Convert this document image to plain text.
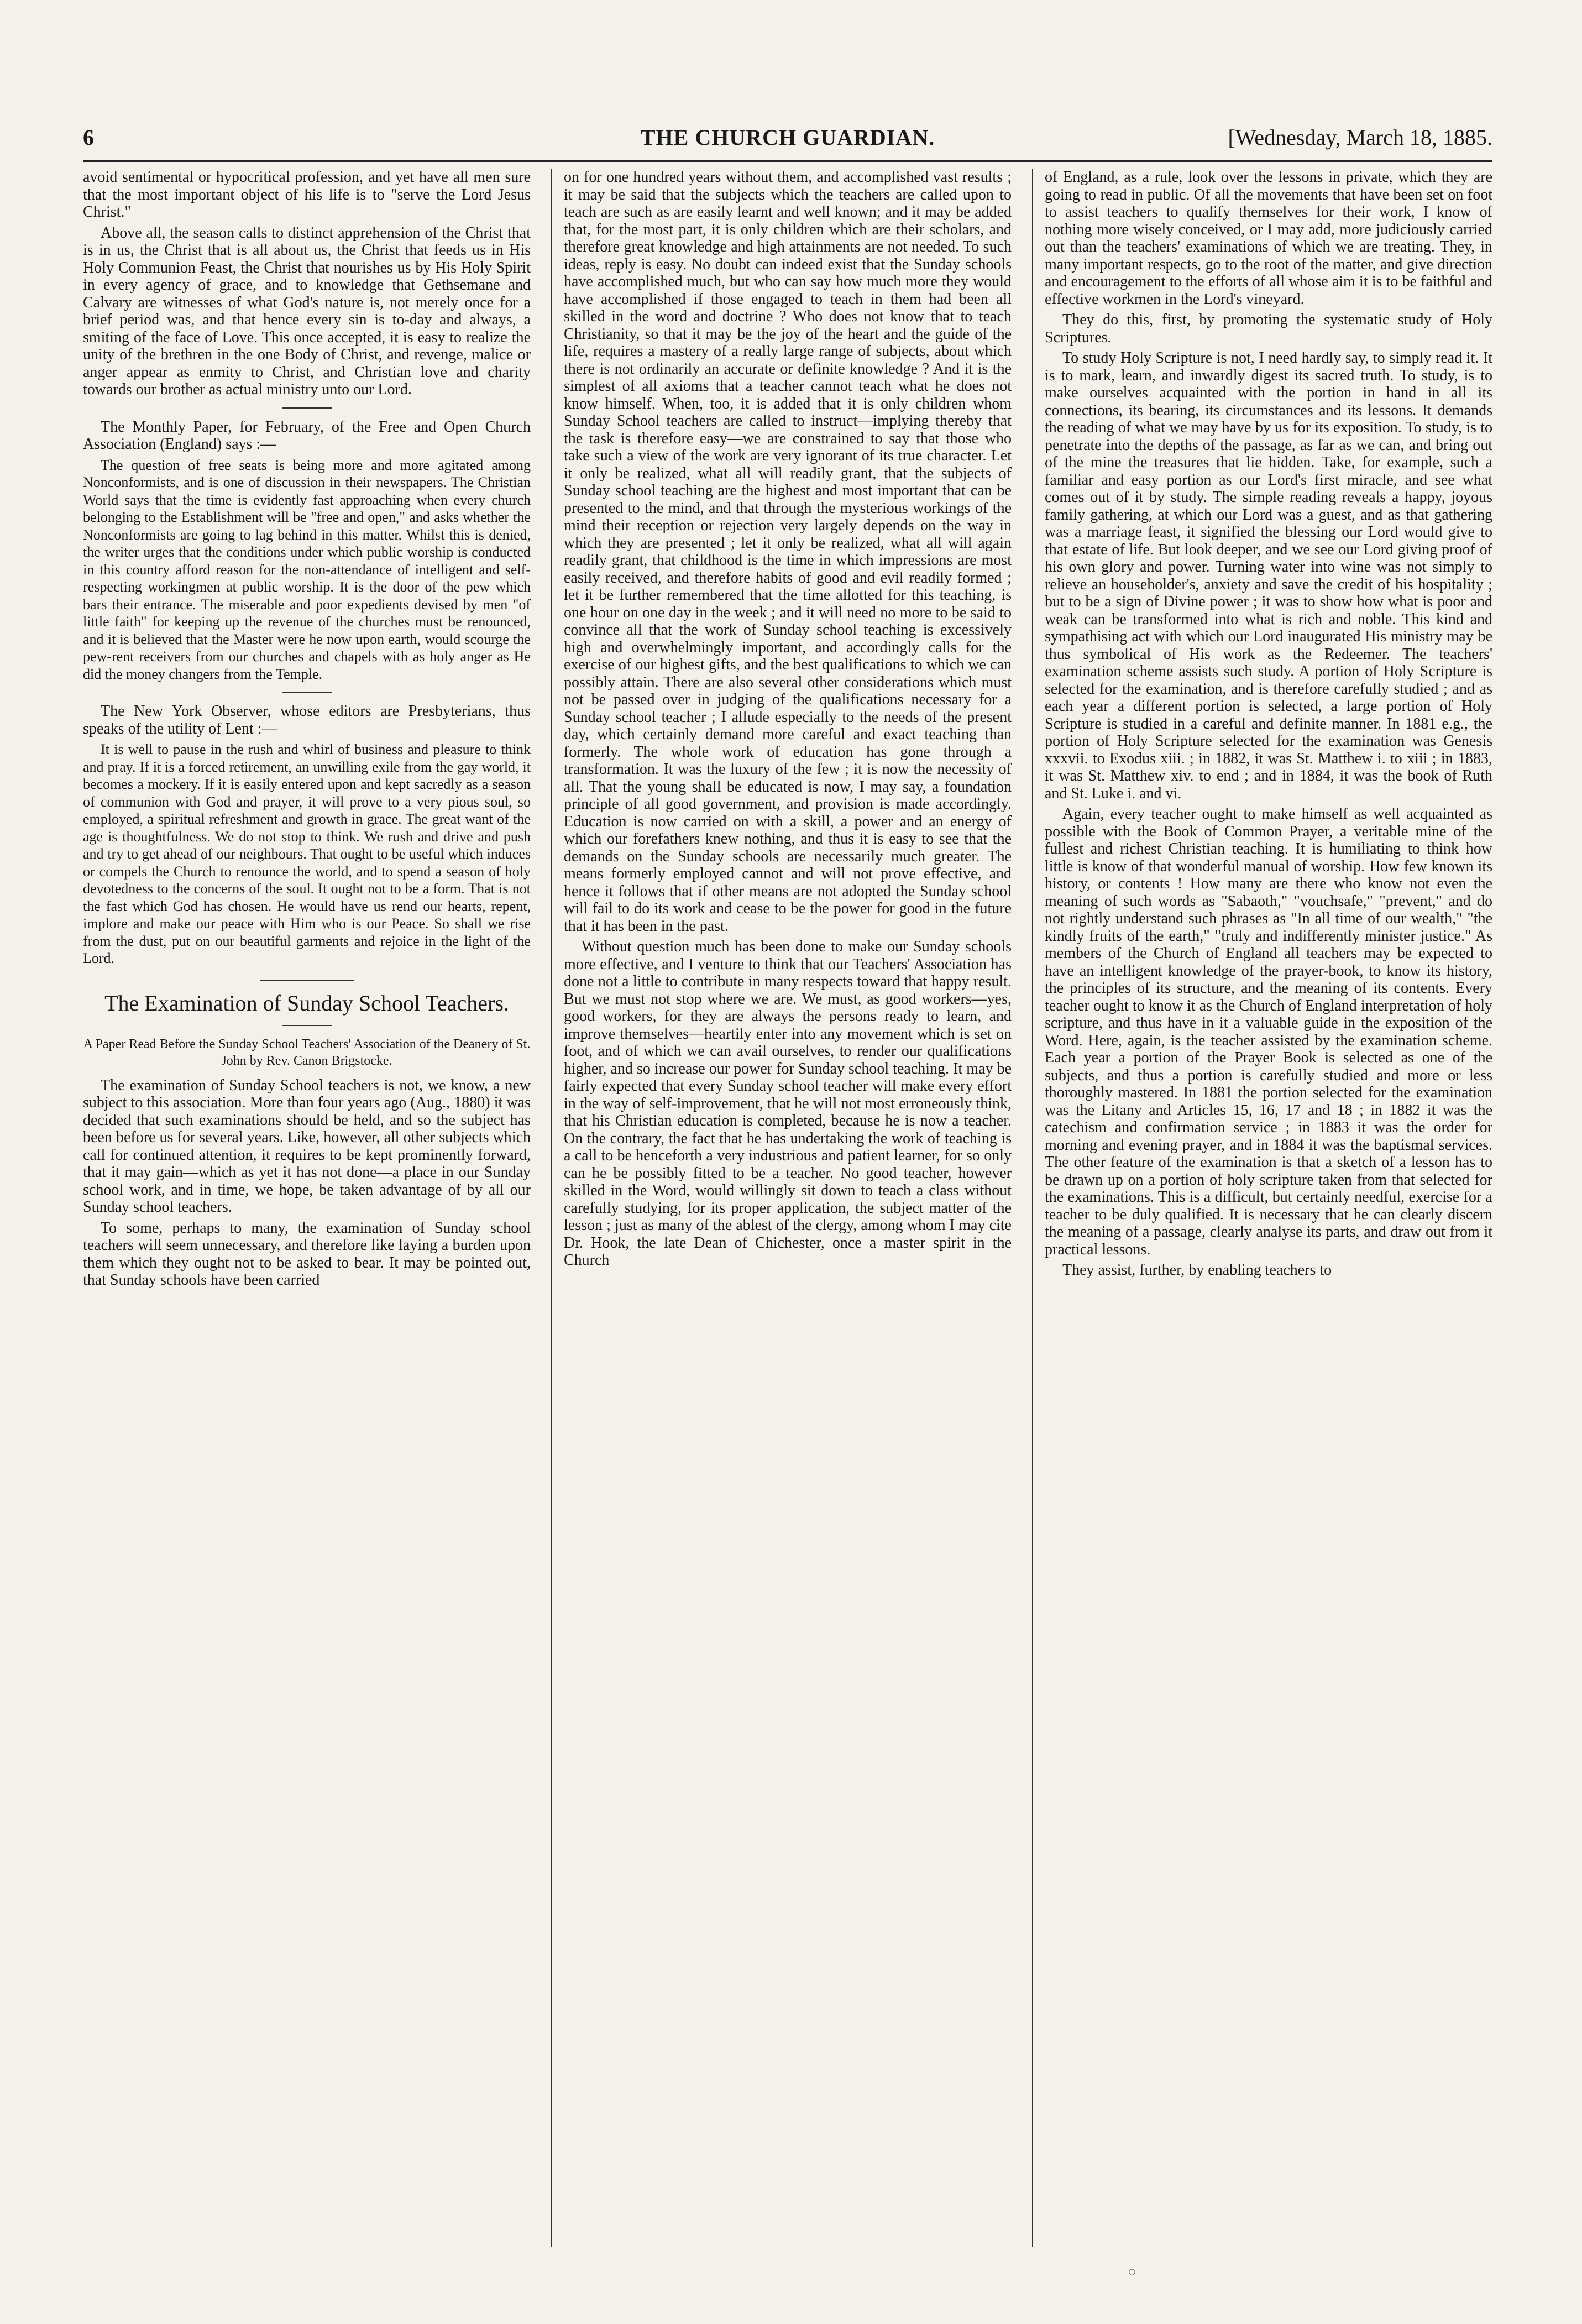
6	THE CHURCH GUARDIAN.	[Wednesday, March 18, 1885.

avoid sentimental or hypocritical profession, and yet have all men sure that the most important object of his life is to "serve the Lord Jesus Christ."

Above all, the season calls to distinct apprehension of the Christ that is in us, the Christ that is all about us, the Christ that feeds us in His Holy Communion Feast, the Christ that nourishes us by His Holy Spirit in every agency of grace, and to knowledge that Gethsemane and Calvary are witnesses of what God's nature is, not merely once for a brief period was, and that hence every sin is to-day and always, a smiting of the face of Love. This once accepted, it is easy to realize the unity of the brethren in the one Body of Christ, and revenge, malice or anger appear as enmity to Christ, and Christian love and charity towards our brother as actual ministry unto our Lord.

The Monthly Paper, for February, of the Free and Open Church Association (England) says :—

The question of free seats is being more and more agitated among Nonconformists, and is one of discussion in their newspapers. The Christian World says that the time is evidently fast approaching when every church belonging to the Establishment will be "free and open," and asks whether the Nonconformists are going to lag behind in this matter. Whilst this is denied, the writer urges that the conditions under which public worship is conducted in this country afford reason for the non-attendance of intelligent and self-respecting workingmen at public worship. It is the door of the pew which bars their entrance. The miserable and poor expedients devised by men "of little faith" for keeping up the revenue of the churches must be renounced, and it is believed that the Master were he now upon earth, would scourge the pew-rent receivers from our churches and chapels with as holy anger as He did the money changers from the Temple.

The New York Observer, whose editors are Presbyterians, thus speaks of the utility of Lent :—

It is well to pause in the rush and whirl of business and pleasure to think and pray. If it is a forced retirement, an unwilling exile from the gay world, it becomes a mockery. If it is easily entered upon and kept sacredly as a season of communion with God and prayer, it will prove to a very pious soul, so employed, a spiritual refreshment and growth in grace. The great want of the age is thoughtfulness. We do not stop to think. We rush and drive and push and try to get ahead of our neighbours. That ought to be useful which induces or compels the Church to renounce the world, and to spend a season of holy devotedness to the concerns of the soul. It ought not to be a form. That is not the fast which God has chosen. He would have us rend our hearts, repent, implore and make our peace with Him who is our Peace. So shall we rise from the dust, put on our beautiful garments and rejoice in the light of the Lord.

The Examination of Sunday School Teachers.
A Paper Read Before the Sunday School Teachers' Association of the Deanery of St. John by Rev. Canon Brigstocke.

The examination of Sunday School teachers is not, we know, a new subject to this association. More than four years ago (Aug., 1880) it was decided that such examinations should be held, and so the subject has been before us for several years. Like, however, all other subjects which call for continued attention, it requires to be kept prominently forward, that it may gain—which as yet it has not done—a place in our Sunday school work, and in time, we hope, be taken advantage of by all our Sunday school teachers.

To some, perhaps to many, the examination of Sunday school teachers will seem unnecessary, and therefore like laying a burden upon them which they ought not to be asked to bear. It may be pointed out, that Sunday schools have been carried

on for one hundred years without them, and accomplished vast results ; it may be said that the subjects which the teachers are called upon to teach are such as are easily learnt and well known; and it may be added that, for the most part, it is only children which are their scholars, and therefore great knowledge and high attainments are not needed. To such ideas, reply is easy. No doubt can indeed exist that the Sunday schools have accomplished much, but who can say how much more they would have accomplished if those engaged to teach in them had been all skilled in the word and doctrine ? Who does not know that to teach Christianity, so that it may be the joy of the heart and the guide of the life, requires a mastery of a really large range of subjects, about which there is not ordinarily an accurate or definite knowledge ? And it is the simplest of all axioms that a teacher cannot teach what he does not know himself. When, too, it is added that it is only children whom Sunday School teachers are called to instruct—implying thereby that the task is therefore easy—we are constrained to say that those who take such a view of the work are very ignorant of its true character. Let it only be realized, what all will readily grant, that the subjects of Sunday school teaching are the highest and most important that can be presented to the mind, and that through the mysterious workings of the mind their reception or rejection very largely depends on the way in which they are presented ; let it only be realized, what all will again readily grant, that childhood is the time in which impressions are most easily received, and therefore habits of good and evil readily formed ; let it be further remembered that the time allotted for this teaching, is one hour on one day in the week ; and it will need no more to be said to convince all that the work of Sunday school teaching is excessively high and overwhelmingly important, and accordingly calls for the exercise of our highest gifts, and the best qualifications to which we can possibly attain. There are also several other considerations which must not be passed over in judging of the qualifications necessary for a Sunday school teacher ; I allude especially to the needs of the present day, which certainly demand more careful and exact teaching than formerly. The whole work of education has gone through a transformation. It was the luxury of the few ; it is now the necessity of all. That the young shall be educated is now, I may say, a foundation principle of all good government, and provision is made accordingly. Education is now carried on with a skill, a power and an energy of which our forefathers knew nothing, and thus it is easy to see that the demands on the Sunday schools are necessarily much greater. The means formerly employed cannot and will not prove effective, and hence it follows that if other means are not adopted the Sunday school will fail to do its work and cease to be the power for good in the future that it has been in the past.

Without question much has been done to make our Sunday schools more effective, and I venture to think that our Teachers' Association has done not a little to contribute in many respects toward that happy result. But we must not stop where we are. We must, as good workers—yes, good workers, for they are always the persons ready to learn, and improve themselves—heartily enter into any movement which is set on foot, and of which we can avail ourselves, to render our qualifications higher, and so increase our power for Sunday school teaching. It may be fairly expected that every Sunday school teacher will make every effort in the way of self-improvement, that he will not most erroneously think, that his Christian education is completed, because he is now a teacher. On the contrary, the fact that he has undertaking the work of teaching is a call to be henceforth a very industrious and patient learner, for so only can he be possibly fitted to be a teacher. No good teacher, however skilled in the Word, would willingly sit down to teach a class without carefully studying, for its proper application, the subject matter of the lesson ; just as many of the ablest of the clergy, among whom I may cite Dr. Hook, the late Dean of Chichester, once a master spirit in the Church

of England, as a rule, look over the lessons in private, which they are going to read in public. Of all the movements that have been set on foot to assist teachers to qualify themselves for their work, I know of nothing more wisely conceived, or I may add, more judiciously carried out than the teachers' examinations of which we are treating. They, in many important respects, go to the root of the matter, and give direction and encouragement to the efforts of all whose aim it is to be faithful and effective workmen in the Lord's vineyard.

They do this, first, by promoting the systematic study of Holy Scriptures.

To study Holy Scripture is not, I need hardly say, to simply read it. It is to mark, learn, and inwardly digest its sacred truth. To study, is to make ourselves acquainted with the portion in hand in all its connections, its bearing, its circumstances and its lessons. It demands the reading of what we may have by us for its exposition. To study, is to penetrate into the depths of the passage, as far as we can, and bring out of the mine the treasures that lie hidden. Take, for example, such a familiar and easy portion as our Lord's first miracle, and see what comes out of it by study. The simple reading reveals a happy, joyous family gathering, at which our Lord was a guest, and as that gathering was a marriage feast, it signified the blessing our Lord would give to that estate of life. But look deeper, and we see our Lord giving proof of his own glory and power. Turning water into wine was not simply to relieve an householder's, anxiety and save the credit of his hospitality ; but to be a sign of Divine power ; it was to show how what is poor and weak can be transformed into what is rich and noble. This kind and sympathising act with which our Lord inaugurated His ministry may be thus symbolical of His work as the Redeemer. The teachers' examination scheme assists such study. A portion of Holy Scripture is selected for the examination, and is therefore carefully studied ; and as each year a different portion is selected, a large portion of Holy Scripture is studied in a careful and definite manner. In 1881 e.g., the portion of Holy Scripture selected for the examination was Genesis xxxvii. to Exodus xiii. ; in 1882, it was St. Matthew i. to xiii ; in 1883, it was St. Matthew xiv. to end ; and in 1884, it was the book of Ruth and St. Luke i. and vi.

Again, every teacher ought to make himself as well acquainted as possible with the Book of Common Prayer, a veritable mine of the fullest and richest Christian teaching. It is humiliating to think how little is know of that wonderful manual of worship. How few known its history, or contents ! How many are there who know not even the meaning of such words as "Sabaoth," "vouchsafe," "prevent," and do not rightly understand such phrases as "In all time of our wealth," "the kindly fruits of the earth," "truly and indifferently minister justice." As members of the Church of England all teachers may be expected to have an intelligent knowledge of the prayer-book, to know its history, the principles of its structure, and the meaning of its contents. Every teacher ought to know it as the Church of England interpretation of holy scripture, and thus have in it a valuable guide in the exposition of the Word. Here, again, is the teacher assisted by the examination scheme. Each year a portion of the Prayer Book is selected as one of the subjects, and thus a portion is carefully studied and more or less thoroughly mastered. In 1881 the portion selected for the examination was the Litany and Articles 15, 16, 17 and 18 ; in 1882 it was the catechism and confirmation service ; in 1883 it was the order for morning and evening prayer, and in 1884 it was the baptismal services. The other feature of the examination is that a sketch of a lesson has to be drawn up on a portion of holy scripture taken from that selected for the examinations. This is a difficult, but certainly needful, exercise for a teacher to be duly qualified. It is necessary that he can clearly discern the meaning of a passage, clearly analyse its parts, and draw out from it practical lessons.

They assist, further, by enabling teachers to

○
